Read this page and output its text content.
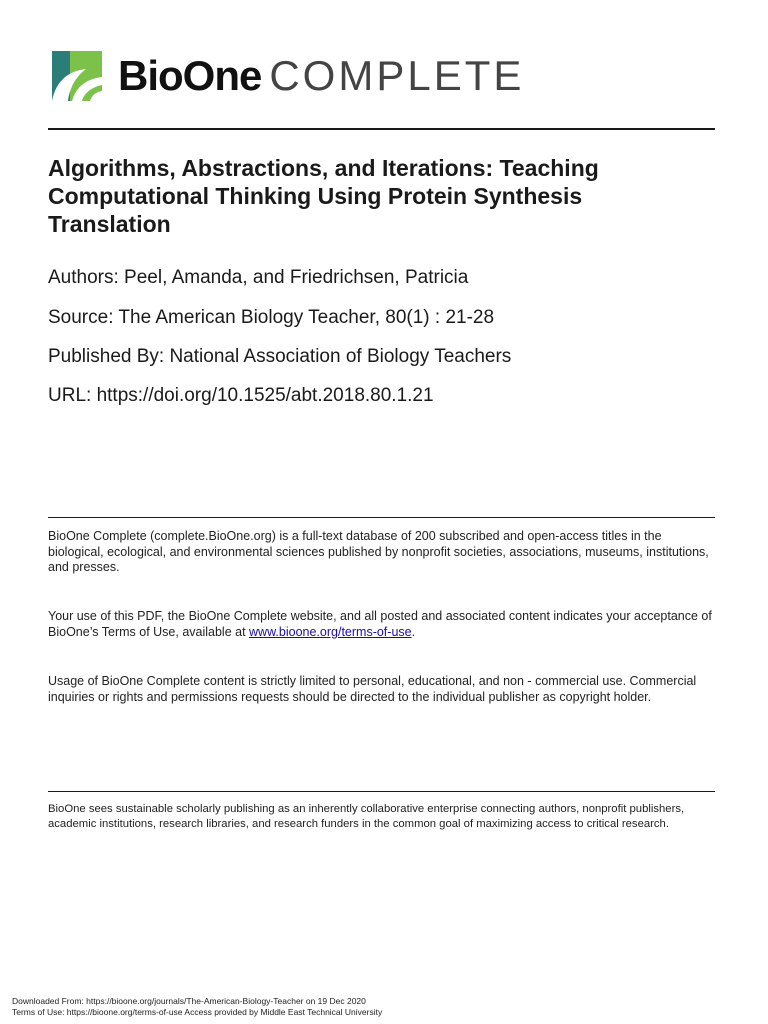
BioOne COMPLETE
Algorithms, Abstractions, and Iterations: Teaching Computational Thinking Using Protein Synthesis Translation
Authors: Peel, Amanda, and Friedrichsen, Patricia
Source: The American Biology Teacher, 80(1) : 21-28
Published By: National Association of Biology Teachers
URL: https://doi.org/10.1525/abt.2018.80.1.21

BioOne Complete (complete.BioOne.org) is a full-text database of 200 subscribed and open-access titles in the biological, ecological, and environmental sciences published by nonprofit societies, associations, museums, institutions, and presses.

Your use of this PDF, the BioOne Complete website, and all posted and associated content indicates your acceptance of BioOne’s Terms of Use, available at www.bioone.org/terms-of-use.

Usage of BioOne Complete content is strictly limited to personal, educational, and non - commercial use. Commercial inquiries or rights and permissions requests should be directed to the individual publisher as copyright holder.

BioOne sees sustainable scholarly publishing as an inherently collaborative enterprise connecting authors, nonprofit publishers, academic institutions, research libraries, and research funders in the common goal of maximizing access to critical research.

Downloaded From: https://bioone.org/journals/The-American-Biology-Teacher on 19 Dec 2020
Terms of Use: https://bioone.org/terms-of-use Access provided by Middle East Technical University
